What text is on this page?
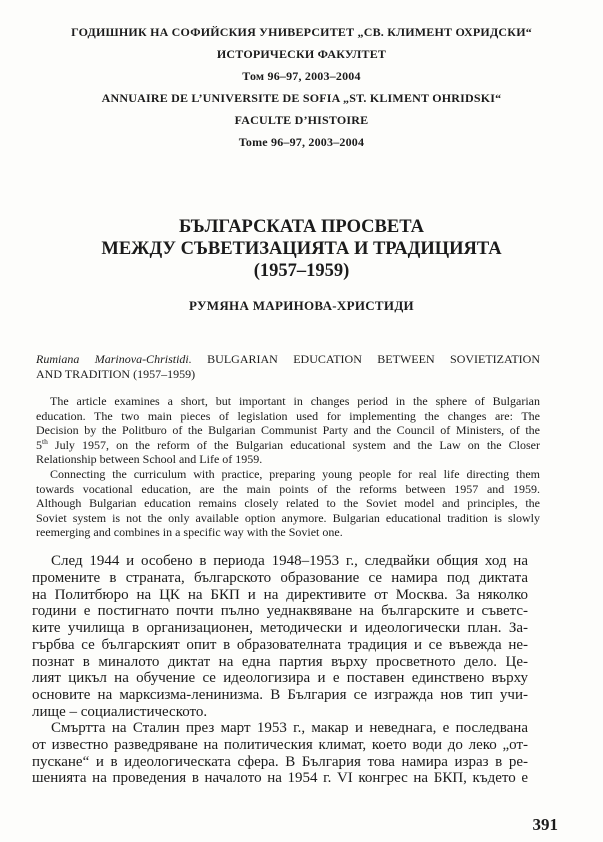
ГОДИШНИК НА СОФИЙСКИЯ УНИВЕРСИТЕТ „СВ. КЛИМЕНТ ОХРИДСКИ“
ИСТОРИЧЕСКИ ФАКУЛТЕТ
Том 96–97, 2003–2004
ANNUAIRE DE L’UNIVERSITE DE SOFIA „ST. KLIMENT OHRIDSKI“
FACULTE D’HISTOIRE
Tome 96–97, 2003–2004
БЪЛГАРСКАТА ПРОСВЕТА
МЕЖДУ СЪВЕТИЗАЦИЯТА И ТРАДИЦИЯТА
(1957–1959)
РУМЯНА МАРИНОВА-ХРИСТИДИ
Rumiana Marinova-Christidi. BULGARIAN EDUCATION BETWEEN SOVIETIZATION
AND TRADITION (1957–1959)
The article examines a short, but important in changes period in the sphere of Bulgarian
education. The two main pieces of legislation used for implementing the changes are: The
Decision by the Politburo of the Bulgarian Communist Party and the Council of Ministers, of the
5th July 1957, on the reform of the Bulgarian educational system and the Law on the Closer
Relationship between School and Life of 1959.
Connecting the curriculum with practice, preparing young people for real life directing them
towards vocational education, are the main points of the reforms between 1957 and 1959.
Although Bulgarian education remains closely related to the Soviet model and principles, the
Soviet system is not the only available option anymore. Bulgarian educational tradition is slowly
reemerging and combines in a specific way with the Soviet one.
След 1944 и особено в периода 1948–1953 г., следвайки общия ход на
промените в страната, българското образование се намира под диктата
на Политбюро на ЦК на БКП и на директивите от Москва. За няколко
години е постигнато почти пълно уеднаквяване на българските и съветс-
ките училища в организационен, методически и идеологически план. За-
гърбва се българският опит в образователната традиция и се въвежда не-
познат в миналото диктат на една партия върху просветното дело. Це-
лият цикъл на обучение се идеологизира и е поставен единствено върху
основите на марксизма-ленинизма. В България се изгражда нов тип учи-
лище – социалистическото.
Смъртта на Сталин през март 1953 г., макар и неведнага, е последвана
от известно разведряване на политическия климат, което води до леко „от-
пускане“ и в идеологическата сфера. В България това намира израз в ре-
шенията на проведения в началото на 1954 г. VI конгрес на БКП, където е
391
